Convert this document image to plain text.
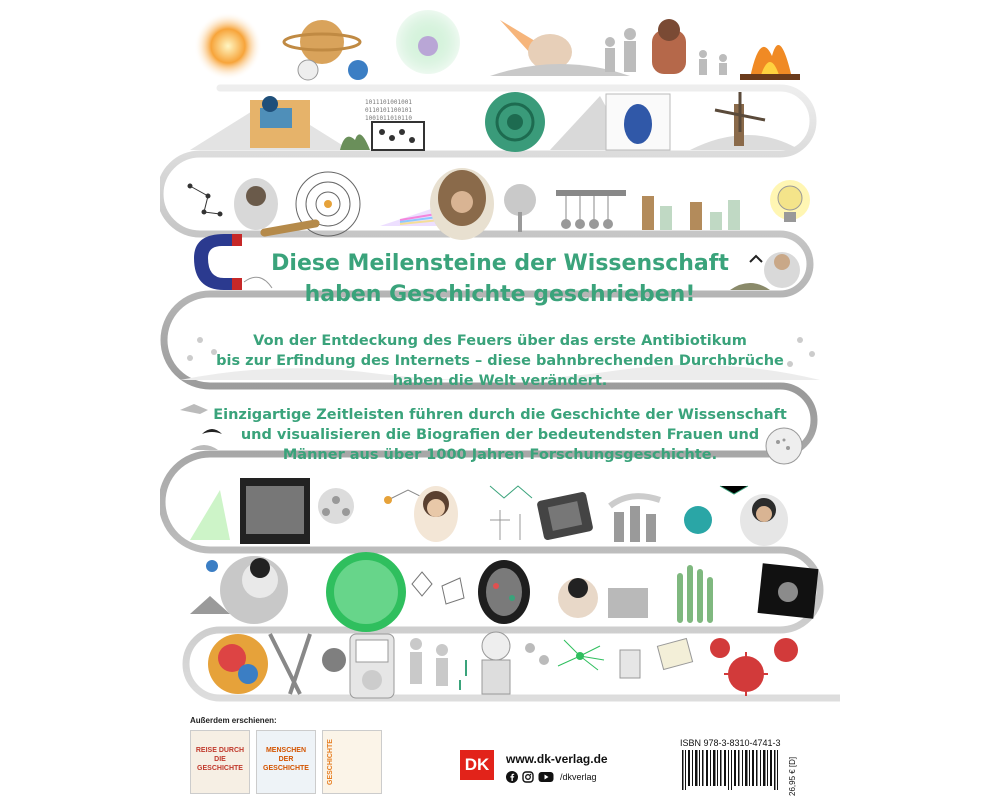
1011101001001
0110101100101
1001011010110

Diese Meilensteine der Wissenschaft

haben Geschichte geschrieben!

Von der Entdeckung des Feuers über das erste Antibiotikum

bis zur Erfindung des Internets – diese bahnbrechenden Durchbrüche

haben die Welt verändert.

Einzigartige Zeitleisten führen durch die Geschichte der Wissenschaft

und visualisieren die Biografien der bedeutendsten Frauen und

Männer aus über 1000 Jahren Forschungsgeschichte.

Außerdem erschienen:
REISE DURCH
DIE
GESCHICHTE
MENSCHEN
DER
GESCHICHTE	GESCHICHTE	DK	www.dk-verlag.de
/dkverlag
ISBN 978-3-8310-4741-3
26,95 € [D]
